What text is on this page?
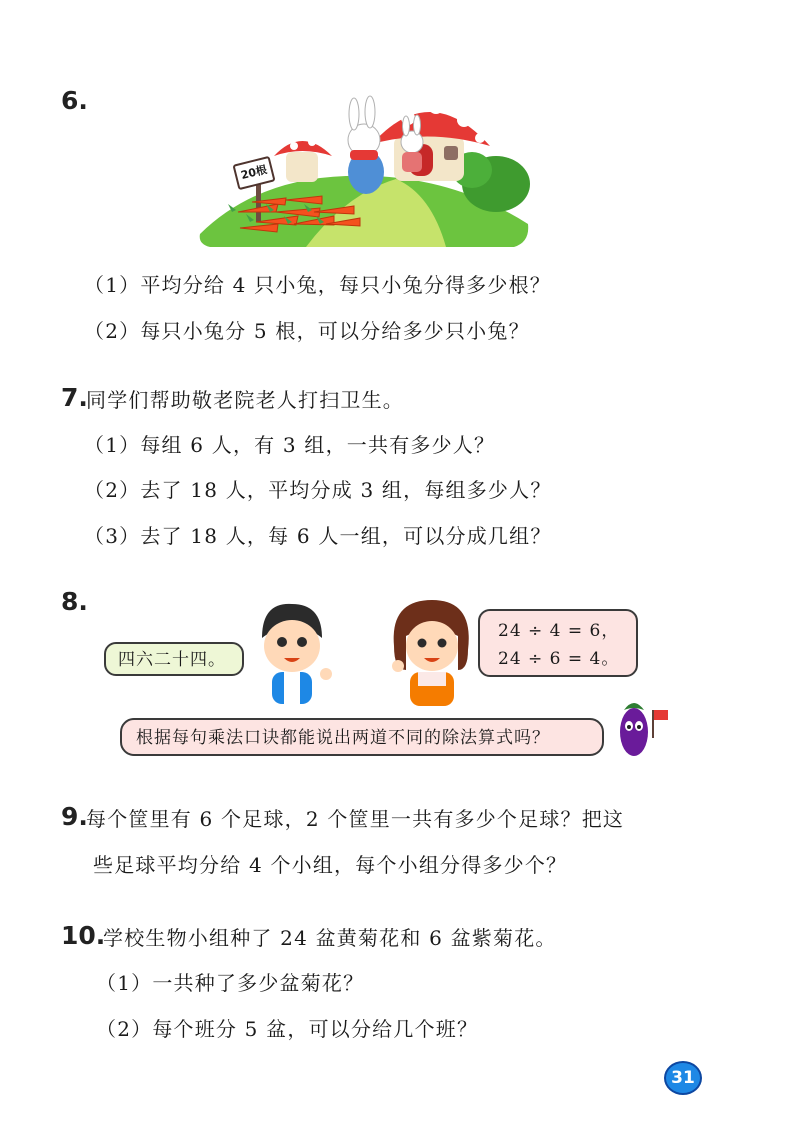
6.
20根
（1）平均分给 4 只小兔，每只小兔分得多少根？
（2）每只小兔分 5 根，可以分给多少只小兔？
7.
同学们帮助敬老院老人打扫卫生。
（1）每组 6 人，有 3 组，一共有多少人？
（2）去了 18 人，平均分成 3 组，每组多少人？
（3）去了 18 人，每 6 人一组，可以分成几组？
8.
四六二十四。
24 ÷ 4 = 6，
24 ÷ 6 = 4。
根据每句乘法口诀都能说出两道不同的除法算式吗？
9.
每个筐里有 6 个足球，2 个筐里一共有多少个足球？把这
些足球平均分给 4 个小组，每个小组分得多少个？
10.
学校生物小组种了 24 盆黄菊花和 6 盆紫菊花。
（1）一共种了多少盆菊花？
（2）每个班分 5 盆，可以分给几个班？
31
